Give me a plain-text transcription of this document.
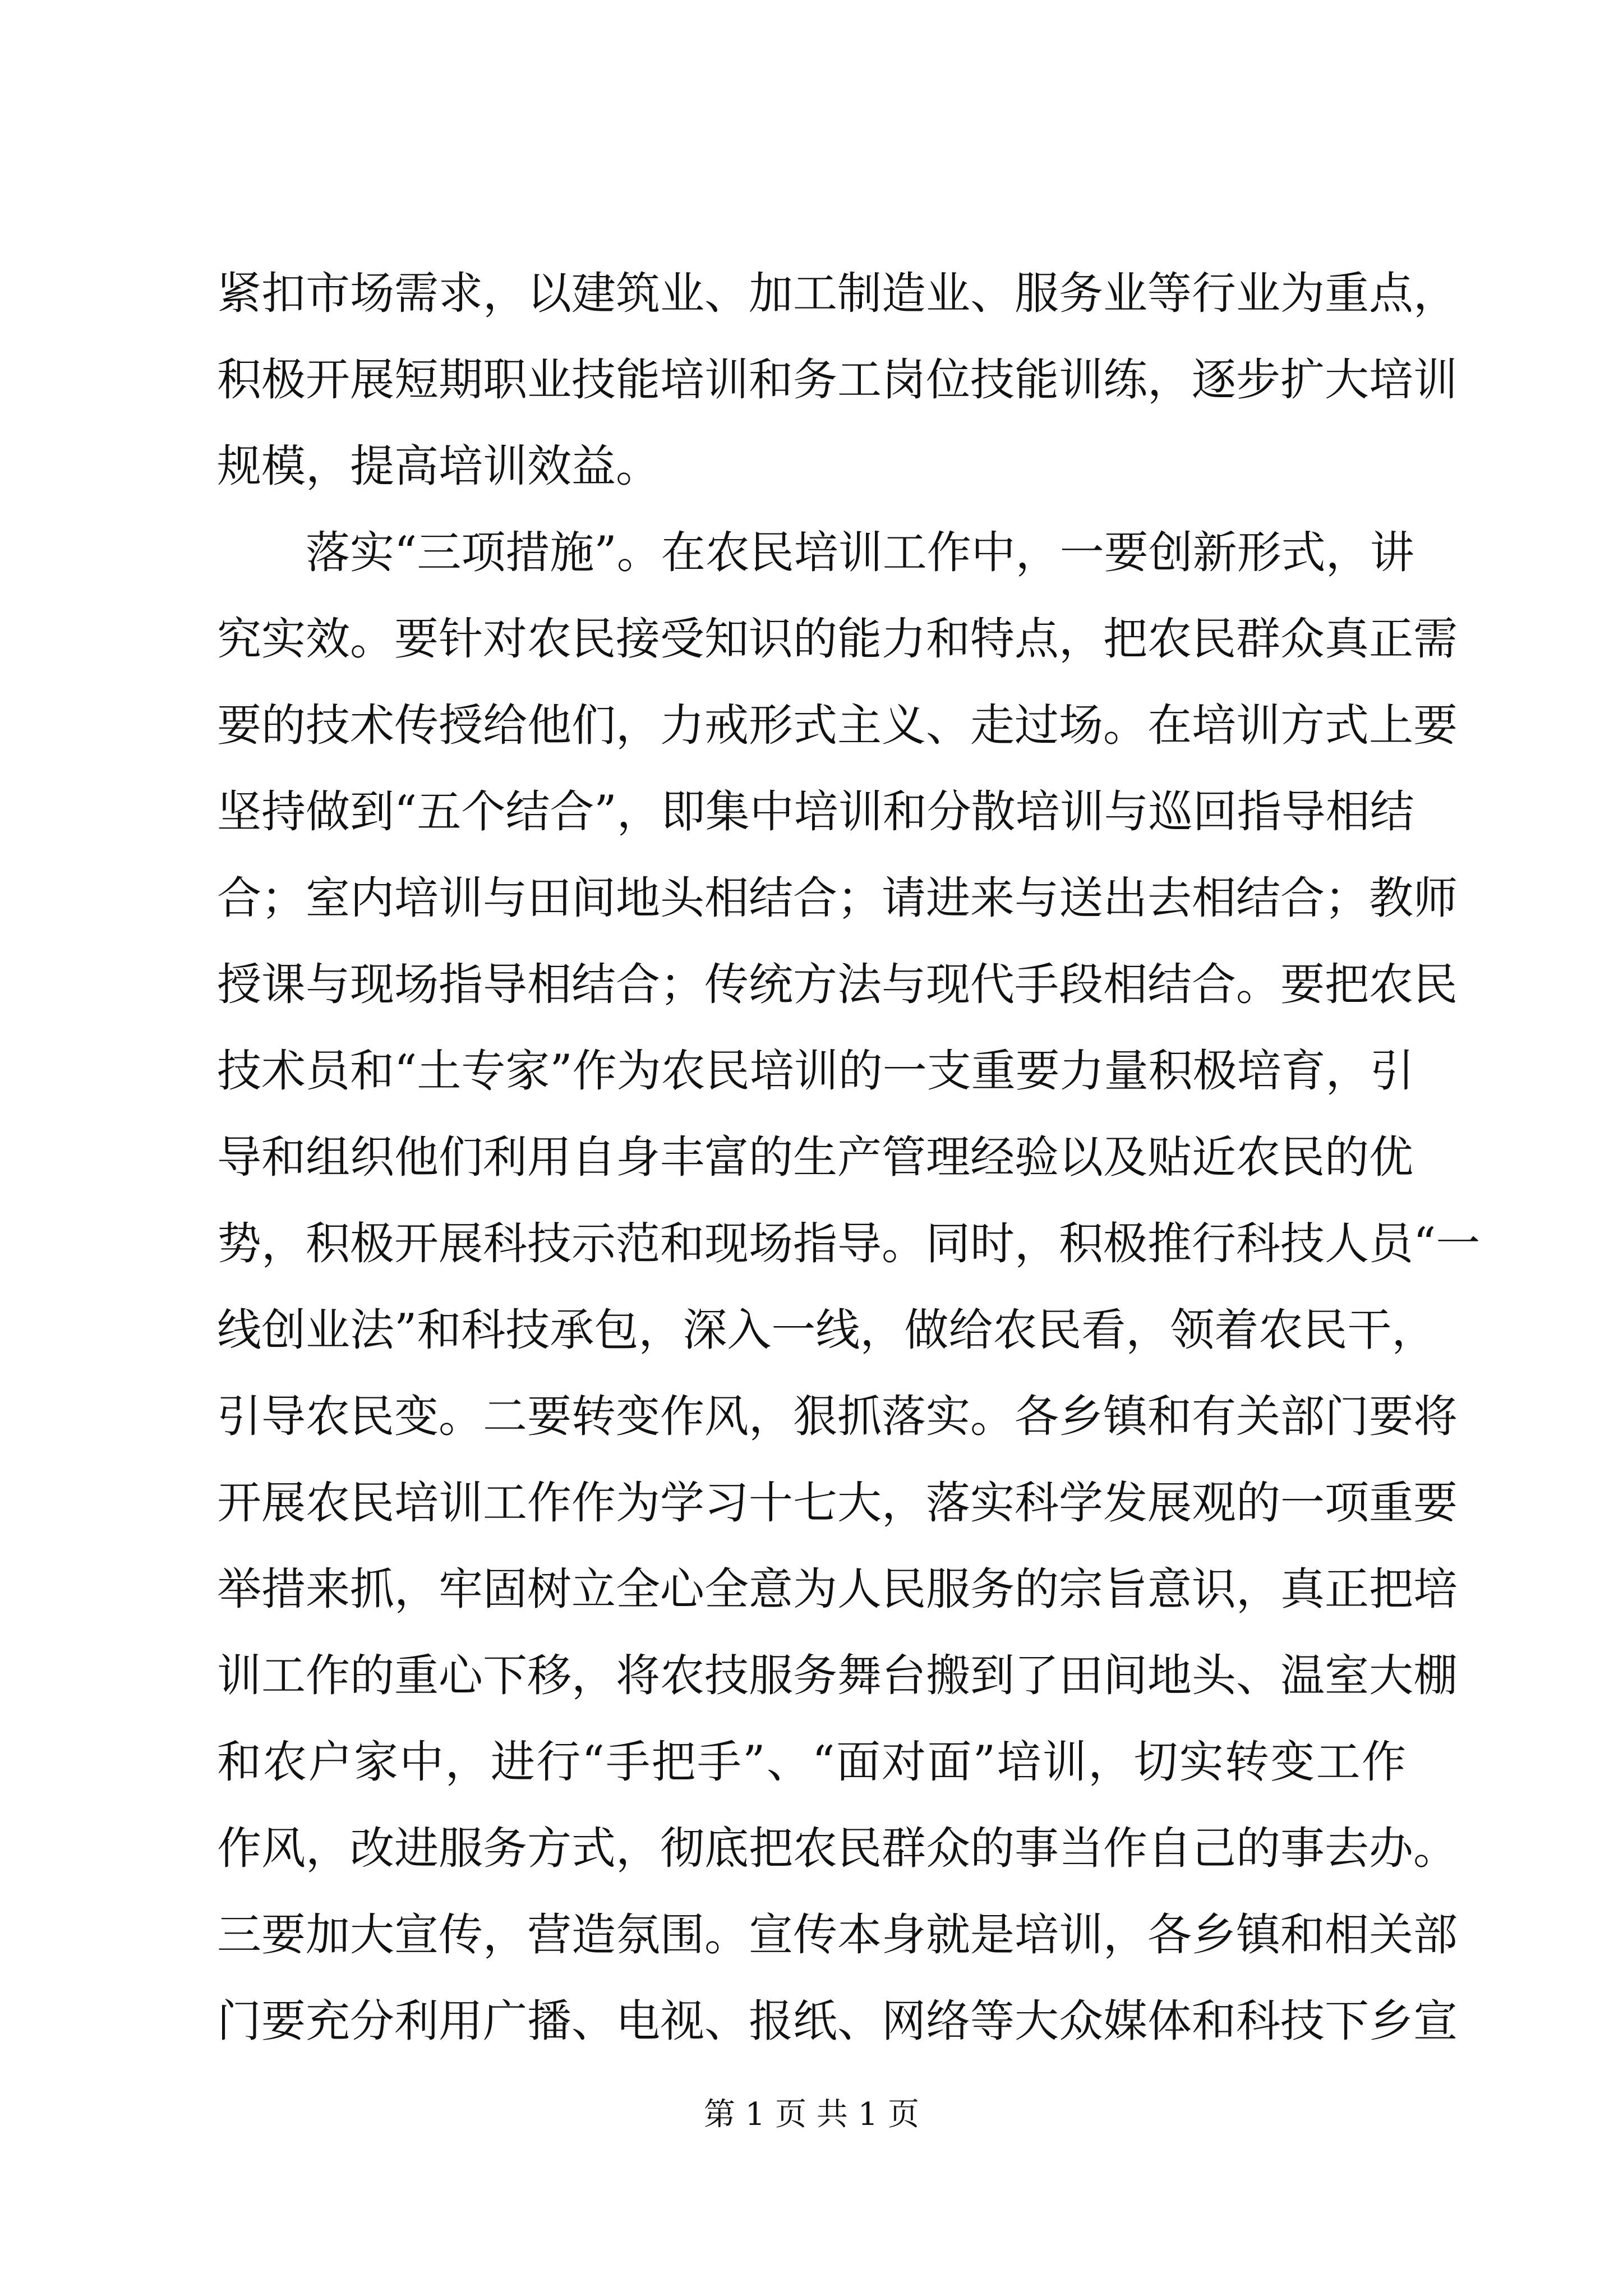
紧扣市场需求，以建筑业、加工制造业、服务业等行业为重点，
积极开展短期职业技能培训和务工岗位技能训练，逐步扩大培训
规模，提高培训效益。
落实“三项措施”。在农民培训工作中，一要创新形式，讲
究实效。要针对农民接受知识的能力和特点，把农民群众真正需
要的技术传授给他们，力戒形式主义、走过场。在培训方式上要
坚持做到“五个结合”，即集中培训和分散培训与巡回指导相结
合；室内培训与田间地头相结合；请进来与送出去相结合；教师
授课与现场指导相结合；传统方法与现代手段相结合。要把农民
技术员和“土专家”作为农民培训的一支重要力量积极培育，引
导和组织他们利用自身丰富的生产管理经验以及贴近农民的优
势，积极开展科技示范和现场指导。同时，积极推行科技人员“一
线创业法”和科技承包，深入一线，做给农民看，领着农民干，
引导农民变。二要转变作风，狠抓落实。各乡镇和有关部门要将
开展农民培训工作作为学习十七大，落实科学发展观的一项重要
举措来抓，牢固树立全心全意为人民服务的宗旨意识，真正把培
训工作的重心下移，将农技服务舞台搬到了田间地头、温室大棚
和农户家中，进行“手把手”、“面对面”培训，切实转变工作
作风，改进服务方式，彻底把农民群众的事当作自己的事去办。
三要加大宣传，营造氛围。宣传本身就是培训，各乡镇和相关部
门要充分利用广播、电视、报纸、网络等大众媒体和科技下乡宣
第 1 页 共 1 页
